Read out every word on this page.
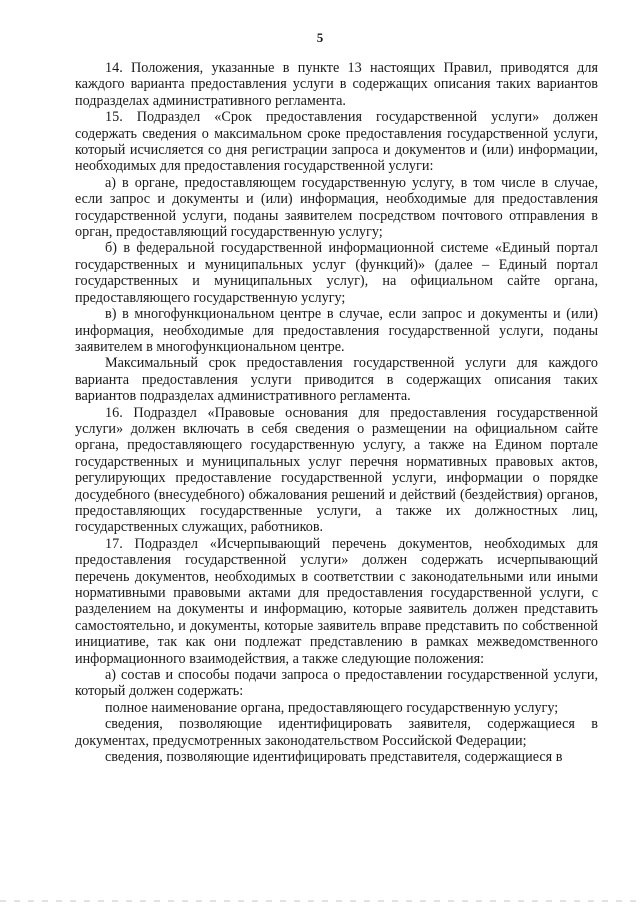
5

14. Положения, указанные в пункте 13 настоящих Правил, приводятся для каждого варианта предоставления услуги в содержащих описания таких вариантов подразделах административного регламента.

15. Подраздел «Срок предоставления государственной услуги» должен содержать сведения о максимальном сроке предоставления государственной услуги, который исчисляется со дня регистрации запроса и документов и (или) информации, необходимых для предоставления государственной услуги:

а) в органе, предоставляющем государственную услугу, в том числе в случае, если запрос и документы и (или) информация, необходимые для предоставления государственной услуги, поданы заявителем посредством почтового отправления в орган, предоставляющий государственную услугу;

б) в федеральной государственной информационной системе «Единый портал государственных и муниципальных услуг (функций)» (далее – Единый портал государственных и муниципальных услуг), на официальном сайте органа, предоставляющего государственную услугу;

в) в многофункциональном центре в случае, если запрос и документы и (или) информация, необходимые для предоставления государственной услуги, поданы заявителем в многофункциональном центре.

Максимальный срок предоставления государственной услуги для каждого варианта предоставления услуги приводится в содержащих описания таких вариантов подразделах административного регламента.

16. Подраздел «Правовые основания для предоставления государственной услуги» должен включать в себя сведения о размещении на официальном сайте органа, предоставляющего государственную услугу, а также на Едином портале государственных и муниципальных услуг перечня нормативных правовых актов, регулирующих предоставление государственной услуги, информации о порядке досудебного (внесудебного) обжалования решений и действий (бездействия) органов, предоставляющих государственные услуги, а также их должностных лиц, государственных служащих, работников.

17. Подраздел «Исчерпывающий перечень документов, необходимых для предоставления государственной услуги» должен содержать исчерпывающий перечень документов, необходимых в соответствии с законодательными или иными нормативными правовыми актами для предоставления государственной услуги, с разделением на документы и информацию, которые заявитель должен представить самостоятельно, и документы, которые заявитель вправе представить по собственной инициативе, так как они подлежат представлению в рамках межведомственного информационного взаимодействия, а также следующие положения:

а) состав и способы подачи запроса о предоставлении государственной услуги, который должен содержать:

полное наименование органа, предоставляющего государственную услугу;

сведения, позволяющие идентифицировать заявителя, содержащиеся в документах, предусмотренных законодательством Российской Федерации;

сведения, позволяющие идентифицировать представителя, содержащиеся в
